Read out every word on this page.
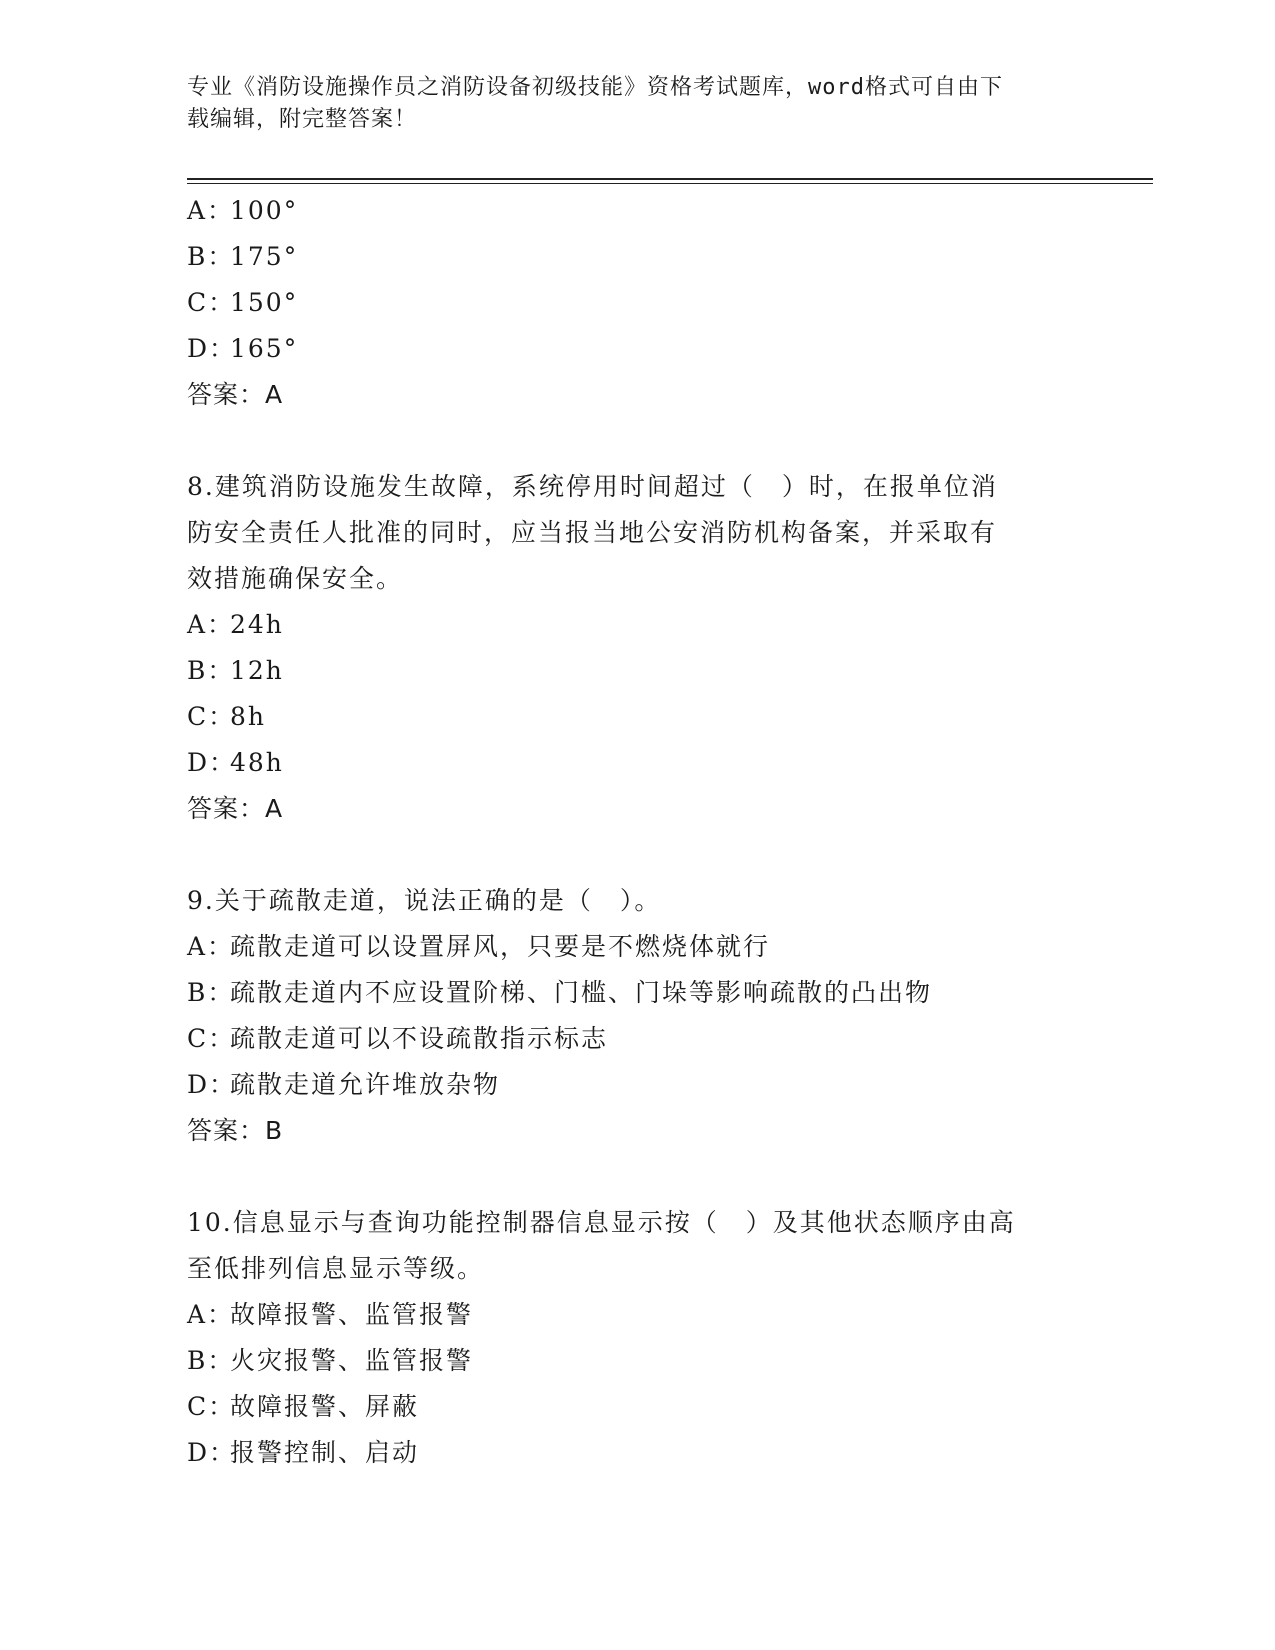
专业《消防设施操作员之消防设备初级技能》资格考试题库，word格式可自由下
载编辑，附完整答案！
A：
100°
B：
175°
C：
150°
D：
165°
答案：A
8.建筑消防设施发生故障，系统停用时间超过（　）时，在报单位消
防安全责任人批准的同时，应当报当地公安消防机构备案，并采取有
效措施确保安全。
A：
24h
B：
12h
C：
8h
D：
48h
答案：A
9.关于疏散走道，说法正确的是（　）。
A：
疏散走道可以设置屏风，只要是不燃烧体就行
B：
疏散走道内不应设置阶梯、门槛、门垛等影响疏散的凸出物
C：
疏散走道可以不设疏散指示标志
D：
疏散走道允许堆放杂物
答案：B
10.信息显示与查询功能控制器信息显示按（　）及其他状态顺序由高
至低排列信息显示等级。
A：
故障报警、监管报警
B：
火灾报警、监管报警
C：
故障报警、屏蔽
D：
报警控制、启动
